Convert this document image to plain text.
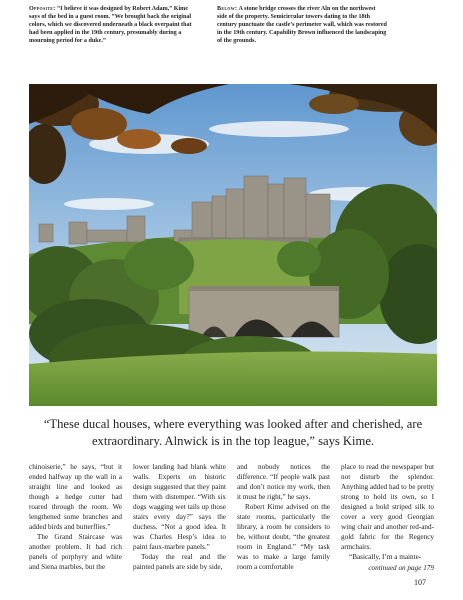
Opposite: “I believe it was designed by Robert Adam,” Kime says of the bed in a guest room. “We brought back the original colors, which we discovered underneath a black overpaint that had been applied in the 19th century, presumably during a mourning period for a duke.”
Below: A stone bridge crosses the river Aln on the northwest side of the property. Semicircular towers dating to the 18th century punctuate the castle’s perimeter wall, which was restored in the 19th century. Capability Brown influenced the landscaping of the grounds.
“These ducal houses, where everything was looked after and cherished, are extraordinary. Alnwick is in the top league,” says Kime.

chinoiserie,” he says, “but it ended halfway up the wall in a straight line and looked as though a hedge cutter had roared through the room. We lengthened some branches and added birds and butterflies.”

The Grand Staircase was another problem. It had rich panels of porphyry and white and Siena marbles, but the

lower landing had blank white walls. Experts on historic design suggested that they paint them with distemper. “With six dogs wagging wet tails up those stairs every day?” says the duchess. “Not a good idea. It was Charles Hesp’s idea to paint faux-marbre panels.”

Today the real and the painted panels are side by side,

and nobody notices the difference. “If people walk past and don’t notice my work, then it must be right,” he says.

Robert Kime advised on the state rooms, particularly the library, a room he considers to be, without doubt, “the greatest room in England.” “My task was to make a large family room a comfortable

place to read the newspaper but not disturb the splendor. Anything added had to be pretty strong to hold its own, so I designed a bold striped silk to cover a very good Georgian wing chair and another red-and-gold fabric for the Regency armchairs.

“Basically, I’m a mainte-

continued on page 179
107
